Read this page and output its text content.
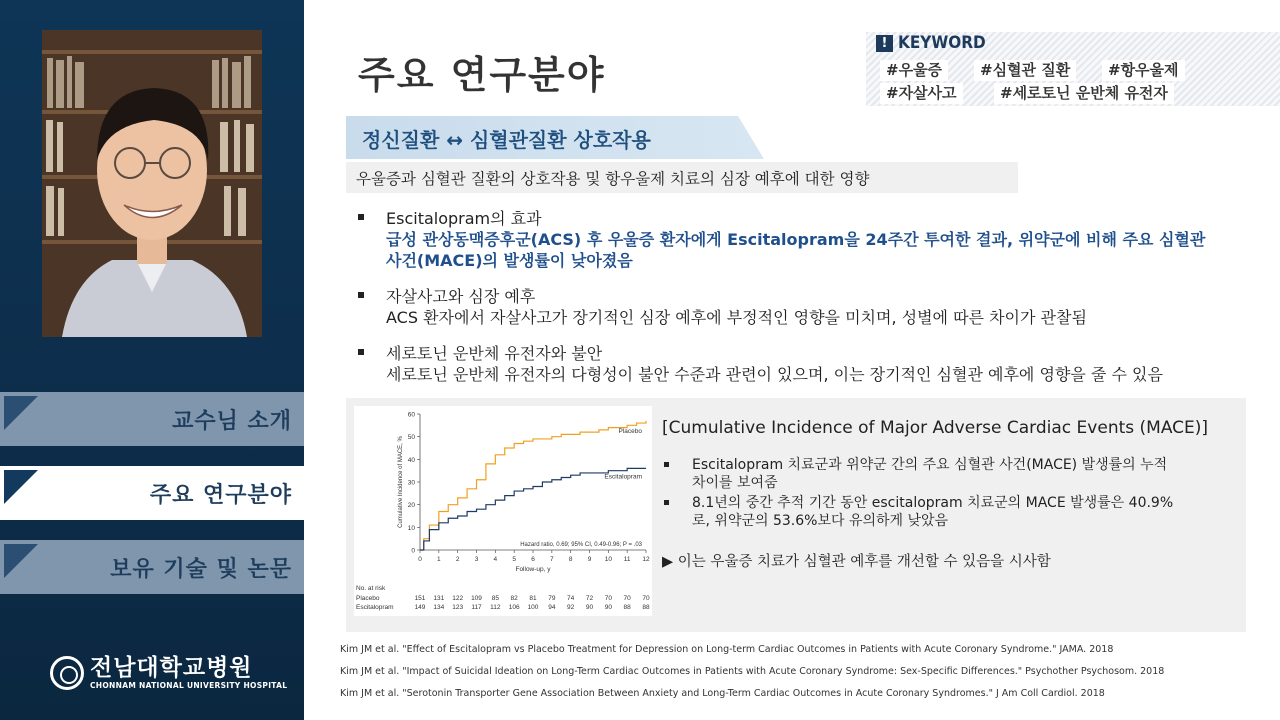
교수님 소개
주요 연구분야
보유 기술 및 논문
전남대학교병원
CHONNAM NATIONAL UNIVERSITY HOSPITAL
주요 연구분야
! KEYWORD
#우울증	#심혈관 질환	#항우울제
#자살사고	#세로토닌 운반체 유전자
정신질환 ↔ 심혈관질환 상호작용
우울증과 심혈관 질환의 상호작용 및 항우울제 치료의 심장 예후에 대한 영향
Escitalopram의 효과
급성 관상동맥증후군(ACS) 후 우울증 환자에게 Escitalopram을 24주간 투여한 결과, 위약군에 비해 주요 심혈관
사건(MACE)의 발생률이 낮아졌음
자살사고와 심장 예후
ACS 환자에서 자살사고가 장기적인 심장 예후에 부정적인 영향을 미치며, 성별에 따른 차이가 관찰됨
세로토닌 운반체 유전자와 불안
세로토닌 운반체 유전자의 다형성이 불안 수준과 관련이 있으며, 이는 장기적인 심혈관 예후에 영향을 줄 수 있음
0
10
20
30
40
50
60
0 1 2 3 4 5 6 7 8 9 10 11 12
Follow-up, y
Cumulative Incidence of MACE, %
Placebo
Escitalopram
Hazard ratio, 0.69; 95% CI, 0.49-0.96; P = .03
No. at risk
Placebo	151 131 122 109 85 82 81 79 74 72 70 70 70
Escitalopram	149 134 123 117 112 106 100 94 92 90 90 88 88
[Cumulative Incidence of Major Adverse Cardiac Events (MACE)]
Escitalopram 치료군과 위약군 간의 주요 심혈관 사건(MACE) 발생률의 누적
차이를 보여줌
8.1년의 중간 추적 기간 동안 escitalopram 치료군의 MACE 발생률은 40.9%
로, 위약군의 53.6%보다 유의하게 낮았음
▶ 이는 우울증 치료가 심혈관 예후를 개선할 수 있음을 시사함
Kim JM et al. "Effect of Escitalopram vs Placebo Treatment for Depression on Long-term Cardiac Outcomes in Patients with Acute Coronary Syndrome." JAMA. 2018
Kim JM et al. "Impact of Suicidal Ideation on Long-Term Cardiac Outcomes in Patients with Acute Coronary Syndrome: Sex-Specific Differences." Psychother Psychosom. 2018
Kim JM et al. "Serotonin Transporter Gene Association Between Anxiety and Long-Term Cardiac Outcomes in Acute Coronary Syndromes." J Am Coll Cardiol. 2018
